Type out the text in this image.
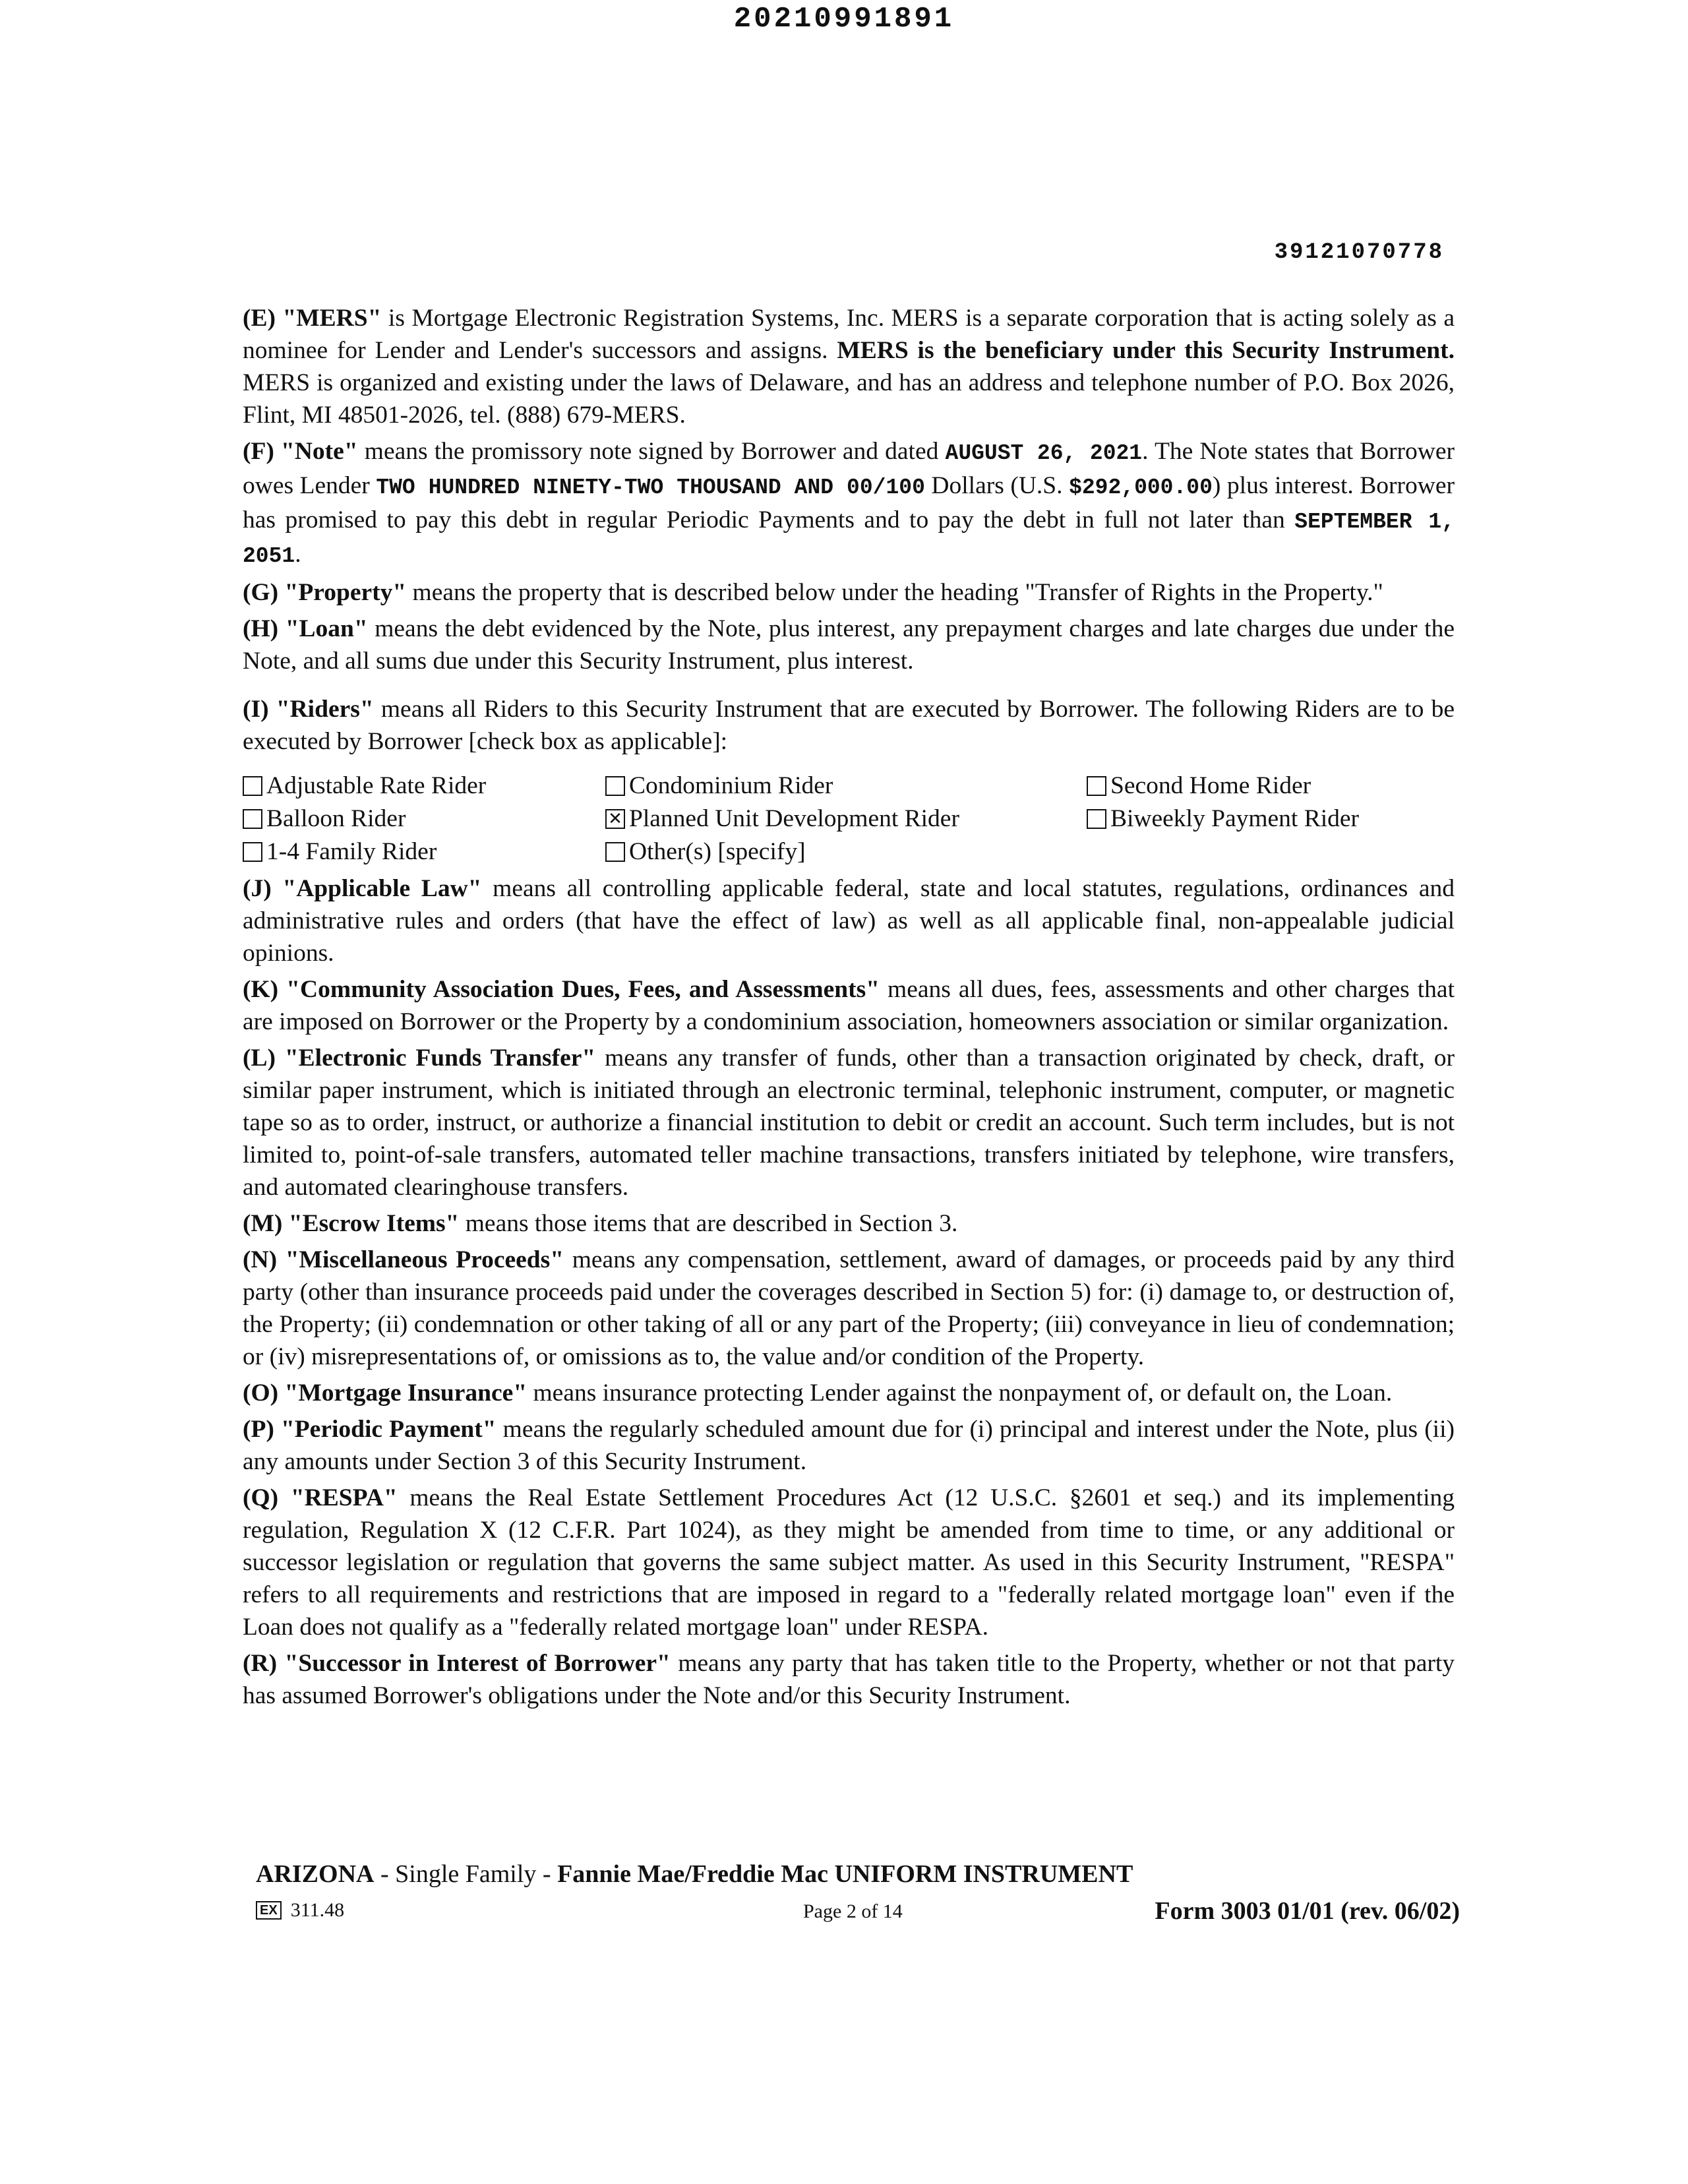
20210991891
39121070778

(E) "MERS" is Mortgage Electronic Registration Systems, Inc. MERS is a separate corporation that is acting solely as a nominee for Lender and Lender's successors and assigns. MERS is the beneficiary under this Security Instrument. MERS is organized and existing under the laws of Delaware, and has an address and telephone number of P.O. Box 2026, Flint, MI 48501-2026, tel. (888) 679-MERS.

(F) "Note" means the promissory note signed by Borrower and dated AUGUST 26, 2021. The Note states that Borrower owes Lender TWO HUNDRED NINETY-TWO THOUSAND AND 00/100 Dollars (U.S. $292,000.00) plus interest. Borrower has promised to pay this debt in regular Periodic Payments and to pay the debt in full not later than SEPTEMBER 1, 2051.

(G) "Property" means the property that is described below under the heading "Transfer of Rights in the Property."

(H) "Loan" means the debt evidenced by the Note, plus interest, any prepayment charges and late charges due under the Note, and all sums due under this Security Instrument, plus interest.

(I) "Riders" means all Riders to this Security Instrument that are executed by Borrower. The following Riders are to be executed by Borrower [check box as applicable]:

Adjustable Rate Rider	Condominium Rider	Second Home Rider
Balloon Rider	✕ Planned Unit Development Rider	Biweekly Payment Rider
1-4 Family Rider	Other(s) [specify]

(J) "Applicable Law" means all controlling applicable federal, state and local statutes, regulations, ordinances and administrative rules and orders (that have the effect of law) as well as all applicable final, non-appealable judicial opinions.

(K) "Community Association Dues, Fees, and Assessments" means all dues, fees, assessments and other charges that are imposed on Borrower or the Property by a condominium association, homeowners association or similar organization.

(L) "Electronic Funds Transfer" means any transfer of funds, other than a transaction originated by check, draft, or similar paper instrument, which is initiated through an electronic terminal, telephonic instrument, computer, or magnetic tape so as to order, instruct, or authorize a financial institution to debit or credit an account. Such term includes, but is not limited to, point-of-sale transfers, automated teller machine transactions, transfers initiated by telephone, wire transfers, and automated clearinghouse transfers.

(M) "Escrow Items" means those items that are described in Section 3.

(N) "Miscellaneous Proceeds" means any compensation, settlement, award of damages, or proceeds paid by any third party (other than insurance proceeds paid under the coverages described in Section 5) for: (i) damage to, or destruction of, the Property; (ii) condemnation or other taking of all or any part of the Property; (iii) conveyance in lieu of condemnation; or (iv) misrepresentations of, or omissions as to, the value and/or condition of the Property.

(O) "Mortgage Insurance" means insurance protecting Lender against the nonpayment of, or default on, the Loan.

(P) "Periodic Payment" means the regularly scheduled amount due for (i) principal and interest under the Note, plus (ii) any amounts under Section 3 of this Security Instrument.

(Q) "RESPA" means the Real Estate Settlement Procedures Act (12 U.S.C. §2601 et seq.) and its implementing regulation, Regulation X (12 C.F.R. Part 1024), as they might be amended from time to time, or any additional or successor legislation or regulation that governs the same subject matter. As used in this Security Instrument, "RESPA" refers to all requirements and restrictions that are imposed in regard to a "federally related mortgage loan" even if the Loan does not qualify as a "federally related mortgage loan" under RESPA.

(R) "Successor in Interest of Borrower" means any party that has taken title to the Property, whether or not that party has assumed Borrower's obligations under the Note and/or this Security Instrument.

ARIZONA - Single Family - Fannie Mae/Freddie Mac UNIFORM INSTRUMENT
EX 311.48	Page 2 of 14	Form 3003 01/01 (rev. 06/02)
